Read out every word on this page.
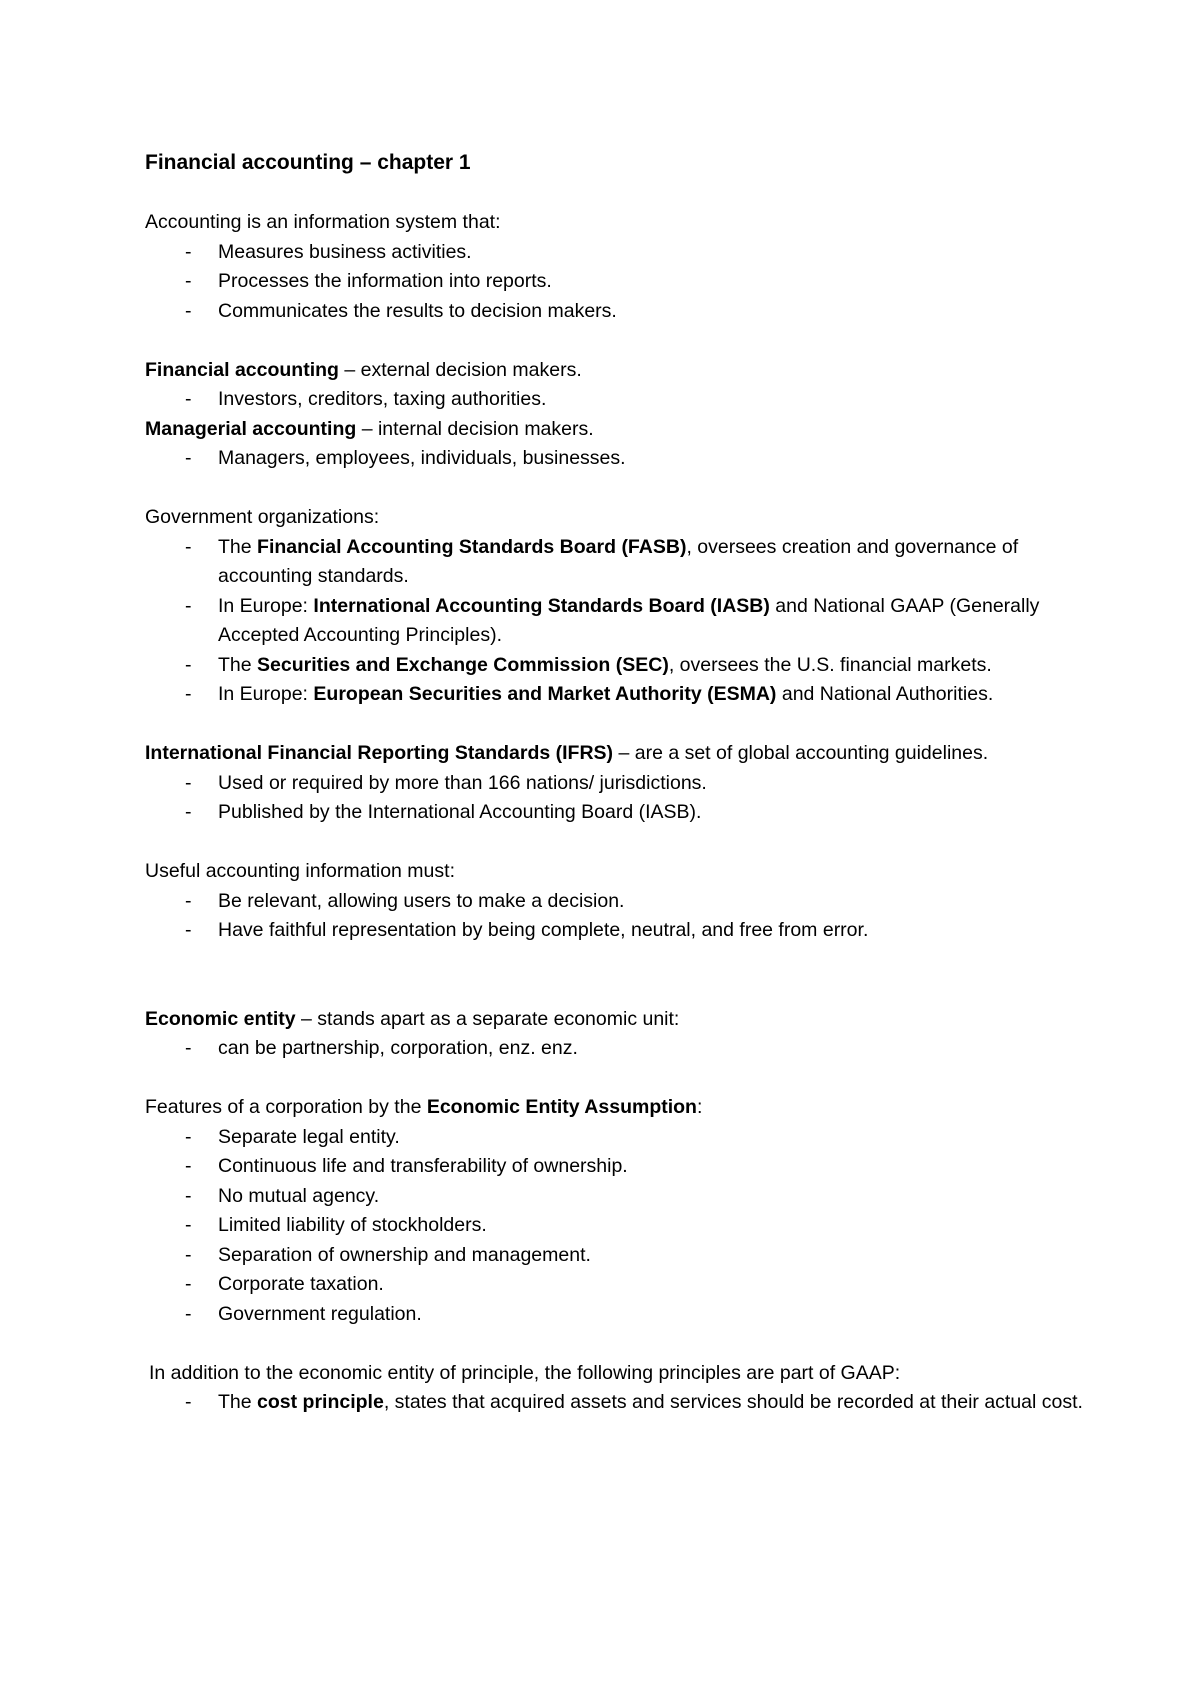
Financial accounting – chapter 1

Accounting is an information system that:

- Measures business activities.
- Processes the information into reports.
- Communicates the results to decision makers.

Financial accounting – external decision makers.

- Investors, creditors, taxing authorities.

Managerial accounting – internal decision makers.

- Managers, employees, individuals, businesses.

Government organizations:

- The Financial Accounting Standards Board (FASB), oversees creation and governance of accounting standards.
- In Europe: International Accounting Standards Board (IASB) and National GAAP (Generally Accepted Accounting Principles).
- The Securities and Exchange Commission (SEC), oversees the U.S. financial markets.
- In Europe: European Securities and Market Authority (ESMA) and National Authorities.

International Financial Reporting Standards (IFRS) – are a set of global accounting guidelines.

- Used or required by more than 166 nations/ jurisdictions.
- Published by the International Accounting Board (IASB).

Useful accounting information must:

- Be relevant, allowing users to make a decision.
- Have faithful representation by being complete, neutral, and free from error.

Economic entity – stands apart as a separate economic unit:

- can be partnership, corporation, enz. enz.

Features of a corporation by the Economic Entity Assumption:

- Separate legal entity.
- Continuous life and transferability of ownership.
- No mutual agency.
- Limited liability of stockholders.
- Separation of ownership and management.
- Corporate taxation.
- Government regulation.

In addition to the economic entity of principle, the following principles are part of GAAP:

- The cost principle, states that acquired assets and services should be recorded at their actual cost.
